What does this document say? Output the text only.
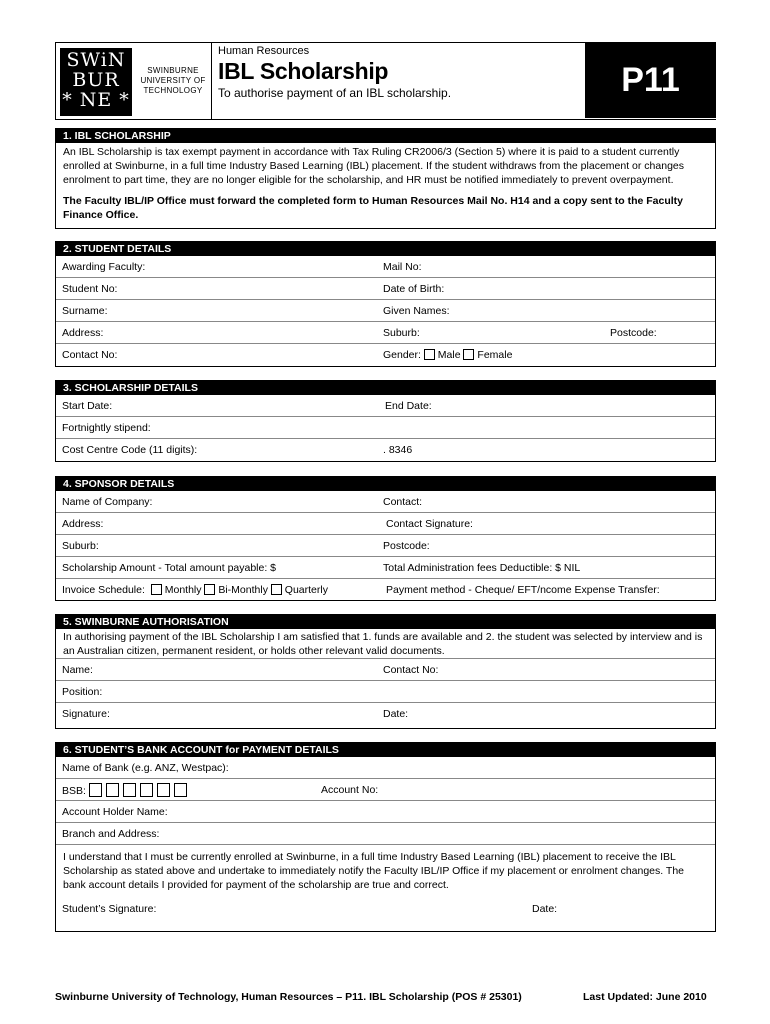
SWiN
BUR
* NE *
SWINBURNE
UNIVERSITY OF
TECHNOLOGY
Human Resources
IBL Scholarship
To authorise payment of an IBL scholarship.	P11
1. IBL SCHOLARSHIP
An IBL Scholarship is tax exempt payment in accordance with Tax Ruling CR2006/3 (Section 5) where it is paid to a student currently enrolled at Swinburne, in a full time Industry Based Learning (IBL) placement. If the student withdraws from the placement or changes enrolment to part time, they are no longer eligible for the scholarship, and HR must be notified immediately to prevent overpayment.
The Faculty IBL/IP Office must forward the completed form to Human Resources Mail No. H14 and a copy sent to the Faculty Finance Office.
2. STUDENT DETAILS
Awarding Faculty:	Mail No:
Student No:	Date of Birth:
Surname:	Given Names:
Address:	Suburb:	Postcode:
Contact No:	Gender: Male Female
3. SCHOLARSHIP DETAILS
Start Date:	End Date:
Fortnightly stipend:
Cost Centre Code (11 digits):	. 8346
4. SPONSOR DETAILS
Name of Company:	Contact:
Address:	Contact Signature:
Suburb:	Postcode:
Scholarship Amount - Total amount payable: $	Total Administration fees Deductible: $ NIL
Invoice Schedule: Monthly Bi-Monthly Quarterly	Payment method - Cheque/ EFT/ncome Expense Transfer:
5. SWINBURNE AUTHORISATION
In authorising payment of the IBL Scholarship I am satisfied that 1. funds are available and 2. the student was selected by interview and is an Australian citizen, permanent resident, or holds other relevant valid documents.
Name:	Contact No:
Position:
Signature:	Date:
6. STUDENT’S BANK ACCOUNT for PAYMENT DETAILS
Name of Bank (e.g. ANZ, Westpac):
BSB:	Account No:
Account Holder Name:
Branch and Address:
I understand that I must be currently enrolled at Swinburne, in a full time Industry Based Learning (IBL) placement to receive the IBL Scholarship as stated above and undertake to immediately notify the Faculty IBL/IP Office if my placement or enrolment changes. The bank account details I provided for payment of the scholarship are true and correct.
Student’s Signature:	Date:
Swinburne University of Technology, Human Resources – P11. IBL Scholarship (POS # 25301)	Last Updated: June 2010
